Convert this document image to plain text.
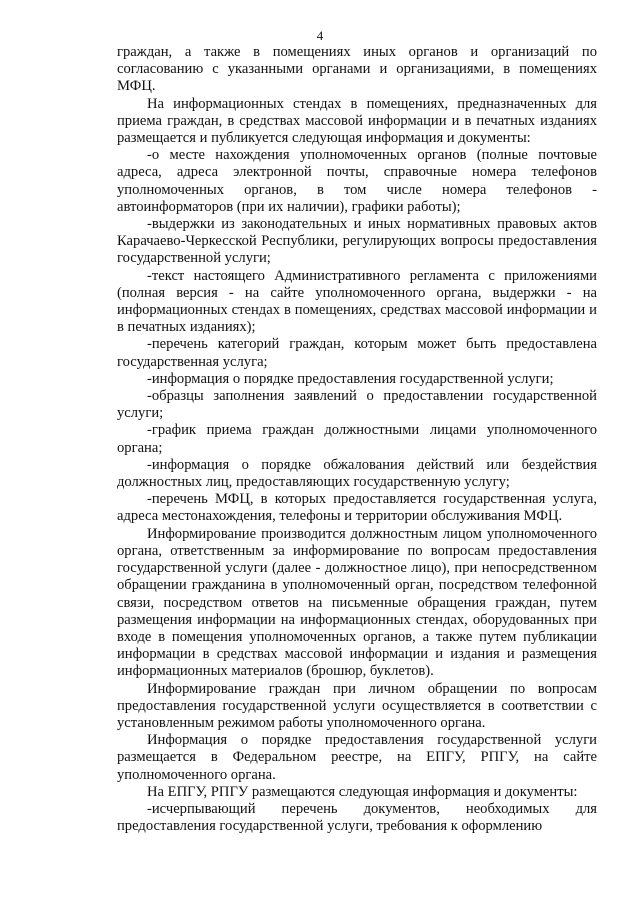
4

граждан, а также в помещениях иных органов и организаций по согласованию с указанными органами и организациями, в помещениях МФЦ.

На информационных стендах в помещениях, предназначенных для приема граждан, в средствах массовой информации и в печатных изданиях размещается и публикуется следующая информация и документы:

-о месте нахождения уполномоченных органов (полные почтовые адреса, адреса электронной почты, справочные номера телефонов уполномоченных органов, в том числе номера телефонов - автоинформаторов (при их наличии), графики работы);

-выдержки из законодательных и иных нормативных правовых актов Карачаево-Черкесской Республики, регулирующих вопросы предоставления государственной услуги;

-текст настоящего Административного регламента с приложениями (полная версия - на сайте уполномоченного органа, выдержки - на информационных стендах в помещениях, средствах массовой информации и в печатных изданиях);

-перечень категорий граждан, которым может быть предоставлена государственная услуга;

-информация о порядке предоставления государственной услуги;

-образцы заполнения заявлений о предоставлении государственной услуги;

-график приема граждан должностными лицами уполномоченного органа;

-информация о порядке обжалования действий или бездействия должностных лиц, предоставляющих государственную услугу;

-перечень МФЦ, в которых предоставляется государственная услуга, адреса местонахождения, телефоны и территории обслуживания МФЦ.

Информирование производится должностным лицом уполномоченного органа, ответственным за информирование по вопросам предоставления государственной услуги (далее - должностное лицо), при непосредственном обращении гражданина в уполномоченный орган, посредством телефонной связи, посредством ответов на письменные обращения граждан, путем размещения информации на информационных стендах, оборудованных при входе в помещения уполномоченных органов, а также путем публикации информации в средствах массовой информации и издания и размещения информационных материалов (брошюр, буклетов).

Информирование граждан при личном обращении по вопросам предоставления государственной услуги осуществляется в соответствии с установленным режимом работы уполномоченного органа.

Информация о порядке предоставления государственной услуги размещается в Федеральном реестре, на ЕПГУ, РПГУ, на сайте уполномоченного органа.

На ЕПГУ, РПГУ размещаются следующая информация и документы:

-исчерпывающий перечень документов, необходимых для предоставления государственной услуги, требования к оформлению
